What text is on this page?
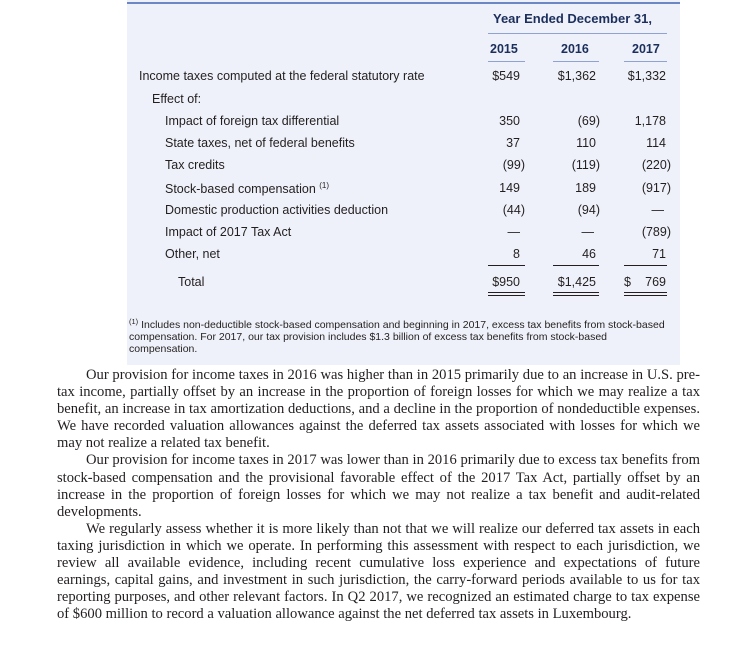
Year Ended December 31,
2015	2016	2017
Income taxes computed at the federal statutory rate	$549	$1,362	$1,332
Effect of:
Impact of foreign tax differential	350	(69)	1,178
State taxes, net of federal benefits	37	110	114
Tax credits	(99)	(119)	(220)
Stock-based compensation $^{(1)}$	149	189	(917)
Domestic production activities deduction	(44)	(94)	—
Impact of 2017 Tax Act	—	—	(789)
Other, net	8	46	71
Total	$950	$1,425 $ 769
$^{(1)}$ Includes non-deductible stock-based compensation and beginning in 2017, excess tax benefits from stock-based compensation. For 2017, our tax provision includes $1.3 billion of excess tax benefits from stock-based compensation.

Our provision for income taxes in 2016 was higher than in 2015 primarily due to an increase in U.S. pre-tax income, partially offset by an increase in the proportion of foreign losses for which we may realize a tax benefit, an increase in tax amortization deductions, and a decline in the proportion of nondeductible expenses. We have recorded valuation allowances against the deferred tax assets associated with losses for which we may not realize a related tax benefit.

Our provision for income taxes in 2017 was lower than in 2016 primarily due to excess tax benefits from stock-based compensation and the provisional favorable effect of the 2017 Tax Act, partially offset by an increase in the proportion of foreign losses for which we may not realize a tax benefit and audit-related developments.

We regularly assess whether it is more likely than not that we will realize our deferred tax assets in each taxing jurisdiction in which we operate. In performing this assessment with respect to each jurisdiction, we review all available evidence, including recent cumulative loss experience and expectations of future earnings, capital gains, and investment in such jurisdiction, the carry-forward periods available to us for tax reporting purposes, and other relevant factors. In Q2 2017, we recognized an estimated charge to tax expense of $600 million to record a valuation allowance against the net deferred tax assets in Luxembourg.
